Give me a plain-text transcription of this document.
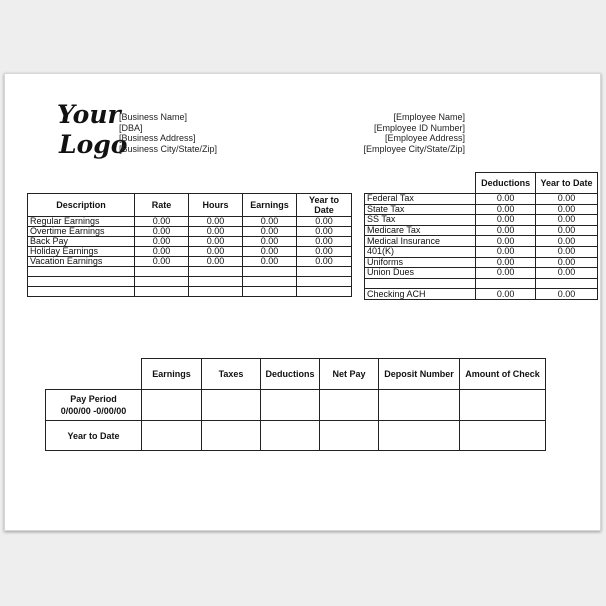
Your
Logo
[Business Name]
[DBA]
[Business Address]
[Business City/State/Zip]
[Employee Name]
[Employee ID Number]
[Employee Address]
[Employee City/State/Zip]
Description	Rate	Hours	Earnings	Year to Date
Regular Earnings	0.00	0.00	0.00	0.00
Overtime Earnings	0.00	0.00	0.00	0.00
Back Pay	0.00	0.00	0.00	0.00
Holiday Earnings	0.00	0.00	0.00	0.00
Vacation Earnings	0.00	0.00	0.00	0.00

	Deductions	Year to Date
Federal Tax	0.00	0.00
State Tax	0.00	0.00
SS Tax	0.00	0.00
Medicare Tax	0.00	0.00
Medical Insurance	0.00	0.00
401(K)	0.00	0.00
Uniforms	0.00	0.00
Union Dues	0.00	0.00

Checking ACH	0.00	0.00
	Earnings	Taxes	Deductions	Net Pay	Deposit Number	Amount of Check

Pay Period
0/00/00 -0/00/00						

Year to Date						
